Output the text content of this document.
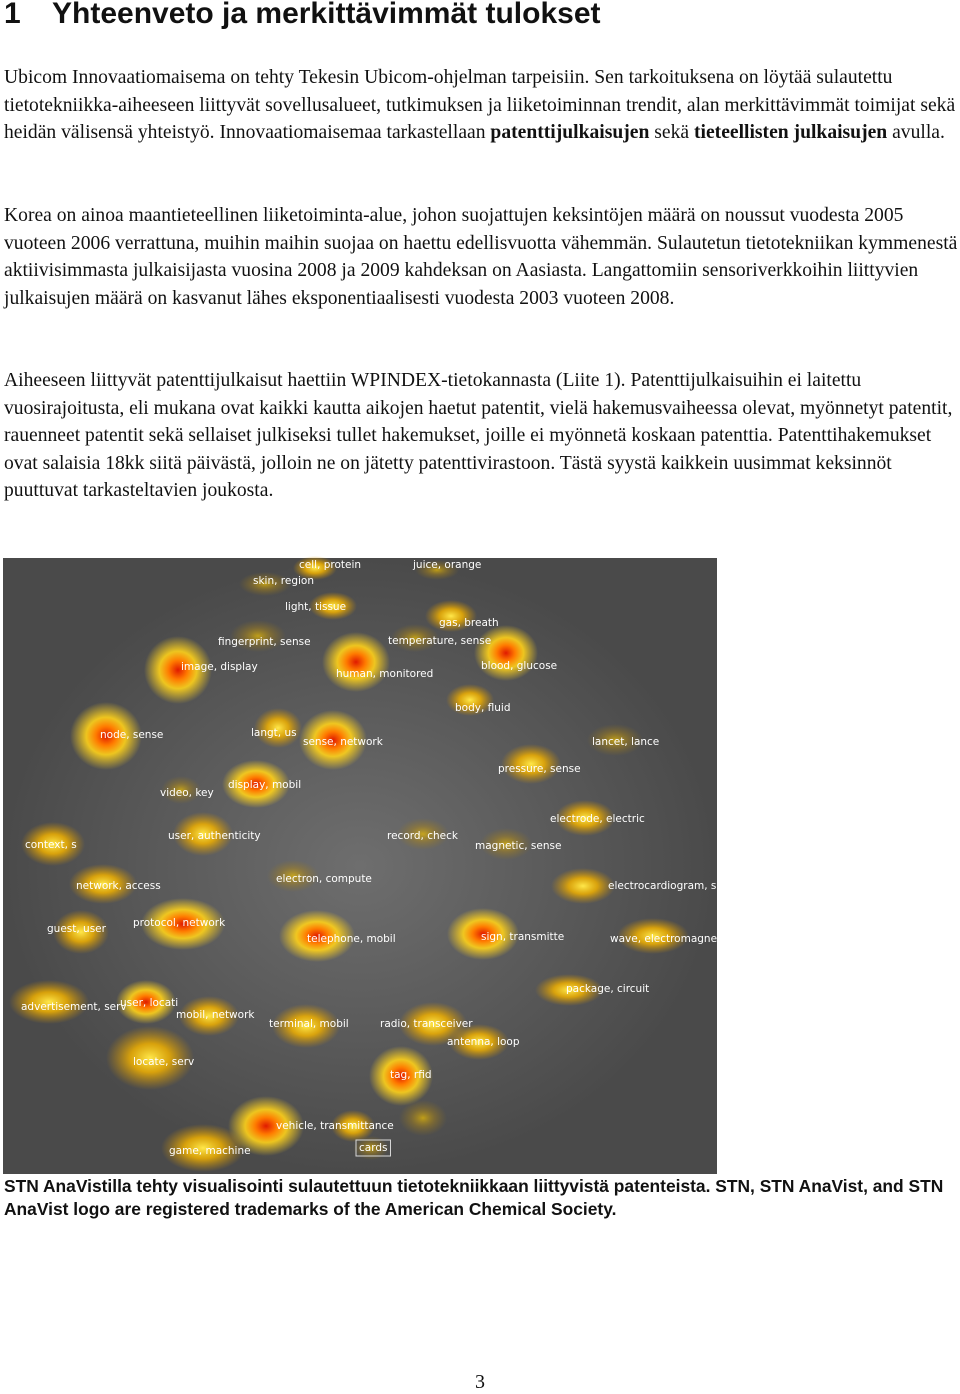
1 Yhteenveto ja merkittävimmät tulokset

Ubicom Innovaatiomaisema on tehty Tekesin Ubicom-ohjelman tarpeisiin. Sen tarkoituksena on löytää sulautettu tietotekniikka-aiheeseen liittyvät sovellusalueet, tutkimuksen ja liiketoiminnan trendit, alan merkittävimmät toimijat sekä heidän välisensä yhteistyö. Innovaatiomaisemaa tarkastellaan patenttijulkaisujen sekä tieteellisten julkaisujen avulla.

Korea on ainoa maantieteellinen liiketoiminta-alue, johon suojattujen keksintöjen määrä on noussut vuodesta 2005 vuoteen 2006 verrattuna, muihin maihin suojaa on haettu edellisvuotta vähemmän. Sulautetun tietotekniikan kymmenestä aktiivisimmasta julkaisijasta vuosina 2008 ja 2009 kahdeksan on Aasiasta. Langattomiin sensoriverkkoihin liittyvien julkaisujen määrä on kasvanut lähes eksponentiaalisesti vuodesta 2003 vuoteen 2008.

Aiheeseen liittyvät patenttijulkaisut haettiin WPINDEX-tietokannasta (Liite 1). Patenttijulkaisuihin ei laitettu vuosirajoitusta, eli mukana ovat kaikki kautta aikojen haetut patentit, vielä hakemusvaiheessa olevat, myönnetyt patentit, rauenneet patentit sekä sellaiset julkiseksi tullet hakemukset, joille ei myönnetä koskaan patenttia. Patenttihakemukset ovat salaisia 18kk siitä päivästä, jolloin ne on jätetty patenttivirastoon. Tästä syystä kaikkein uusimmat keksinnöt puuttuvat tarkasteltavien joukosta.

cell, protein
skin, region
juice, orange
light, tissue
gas, breath
fingerprint, sense	temperature, sense
image, display
human, monitored
blood, glucose
body, fluid
node, sense	langt, us
sense, network	lancet, lance
pressure, sense
video, key
display, mobil
electrode, electric
user, authenticity	record, check
context, s	magnetic, sense
network, access
electron, compute
electrocardiogram, sign
protocol, network
guest, user
telephone, mobil	sign, transmitte	wave, electromagnetic
advertisement, serv
user, locati
package, circuit
mobil, network
terminal, mobil	radio, transceiver
locate, serv
antenna, loop
tag, rfid
vehicle, transmittance
game, machine	cards

STN AnaVistilla tehty visualisointi sulautettuun tietotekniikkaan liittyvistä patenteista. STN, STN AnaVist, and STN AnaVist logo are registered trademarks of the American Chemical Society.

3
